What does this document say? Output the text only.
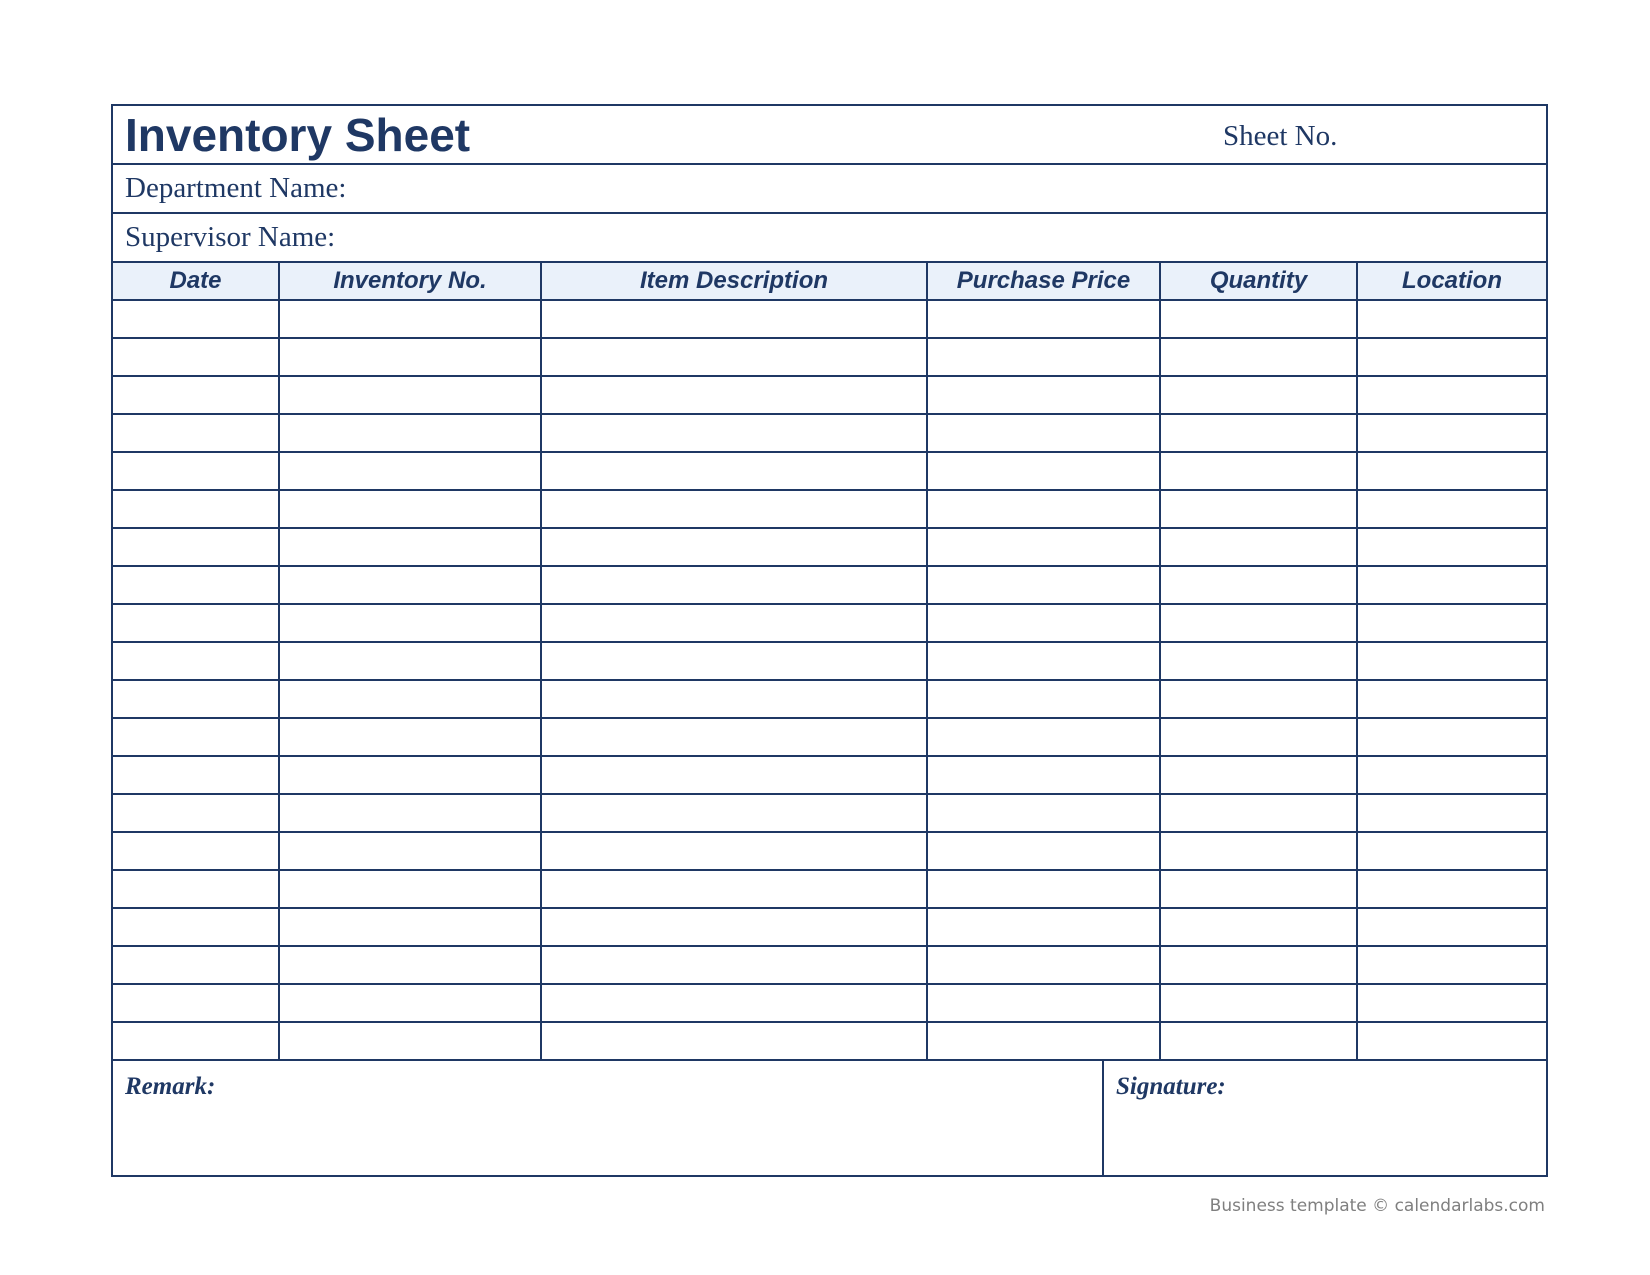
Inventory Sheet	Sheet No.
Department Name:
Supervisor Name:
Date	Inventory No.	Item Description	Purchase Price	Quantity	Location

Remark:	Signature:
Business template © calendarlabs.com
